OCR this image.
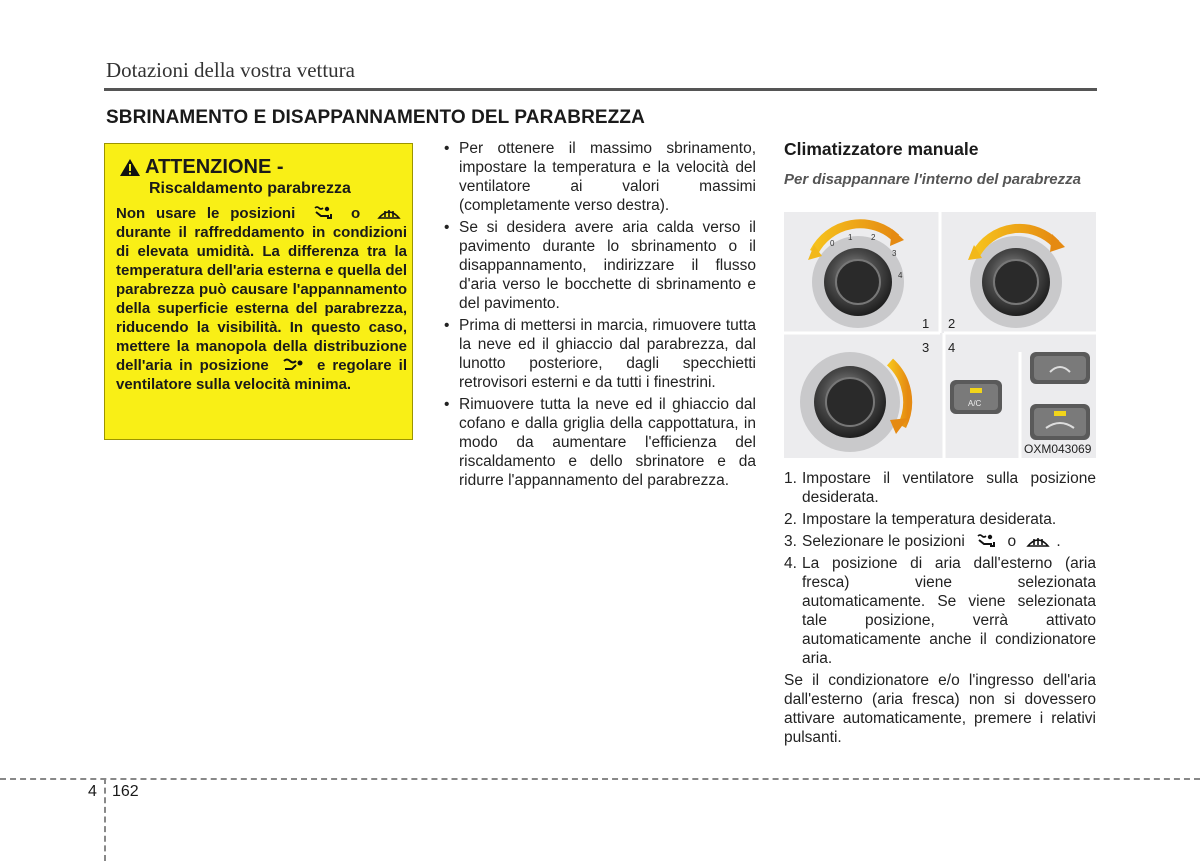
Dotazioni della vostra vettura
SBRINAMENTO E DISAPPANNAMENTO DEL PARABREZZA
ATTENZIONE -
Riscaldamento parabrezza
Non usare le posizioni	o  durante il raffreddamento in condizioni di elevata umidità. La differenza tra la temperatura dell'aria esterna e quella del parabrezza può causare l'appannamento della superficie esterna del parabrezza, riducendo la visibilità. In questo caso, mettere la manopola della distribuzione dell'aria in posizione	e regolare il ventilatore sulla velocità minima.
• Per ottenere il massimo sbrinamento, impostare la temperatura e la velocità del ventilatore ai valori massimi (completamente verso destra).
• Se si desidera avere aria calda verso il pavimento durante lo sbrinamento o il disappannamento, indirizzare il flusso d'aria verso le bocchette di sbrinamento e del pavimento.
• Prima di mettersi in marcia, rimuovere tutta la neve ed il ghiaccio dal parabrezza, dal lunotto posteriore, dagli specchietti retrovisori esterni e da tutti i finestrini.
• Rimuovere tutta la neve ed il ghiaccio dal cofano e dalla griglia della cappottatura, in modo da aumentare l'efficienza del riscaldamento e dello sbrinatore e da ridurre l'appannamento del parabrezza.
Climatizzatore manuale
Per disappannare l'interno del parabrezza
0
1 2
3
4
1 2
3 4
A/C
OXM043069
1. Impostare il ventilatore sulla posizione desiderata.
2. Impostare la temperatura desiderata.
3. Selezionare le posizioni	o	.
4. La posizione di aria dall'esterno (aria fresca) viene selezionata automaticamente. Se viene selezionata tale posizione, verrà attivato automaticamente anche il condizionatore aria.
Se il condizionatore e/o l'ingresso dell'aria dall'esterno (aria fresca) non si dovessero attivare automaticamente, premere i relativi pulsanti.
4 162
